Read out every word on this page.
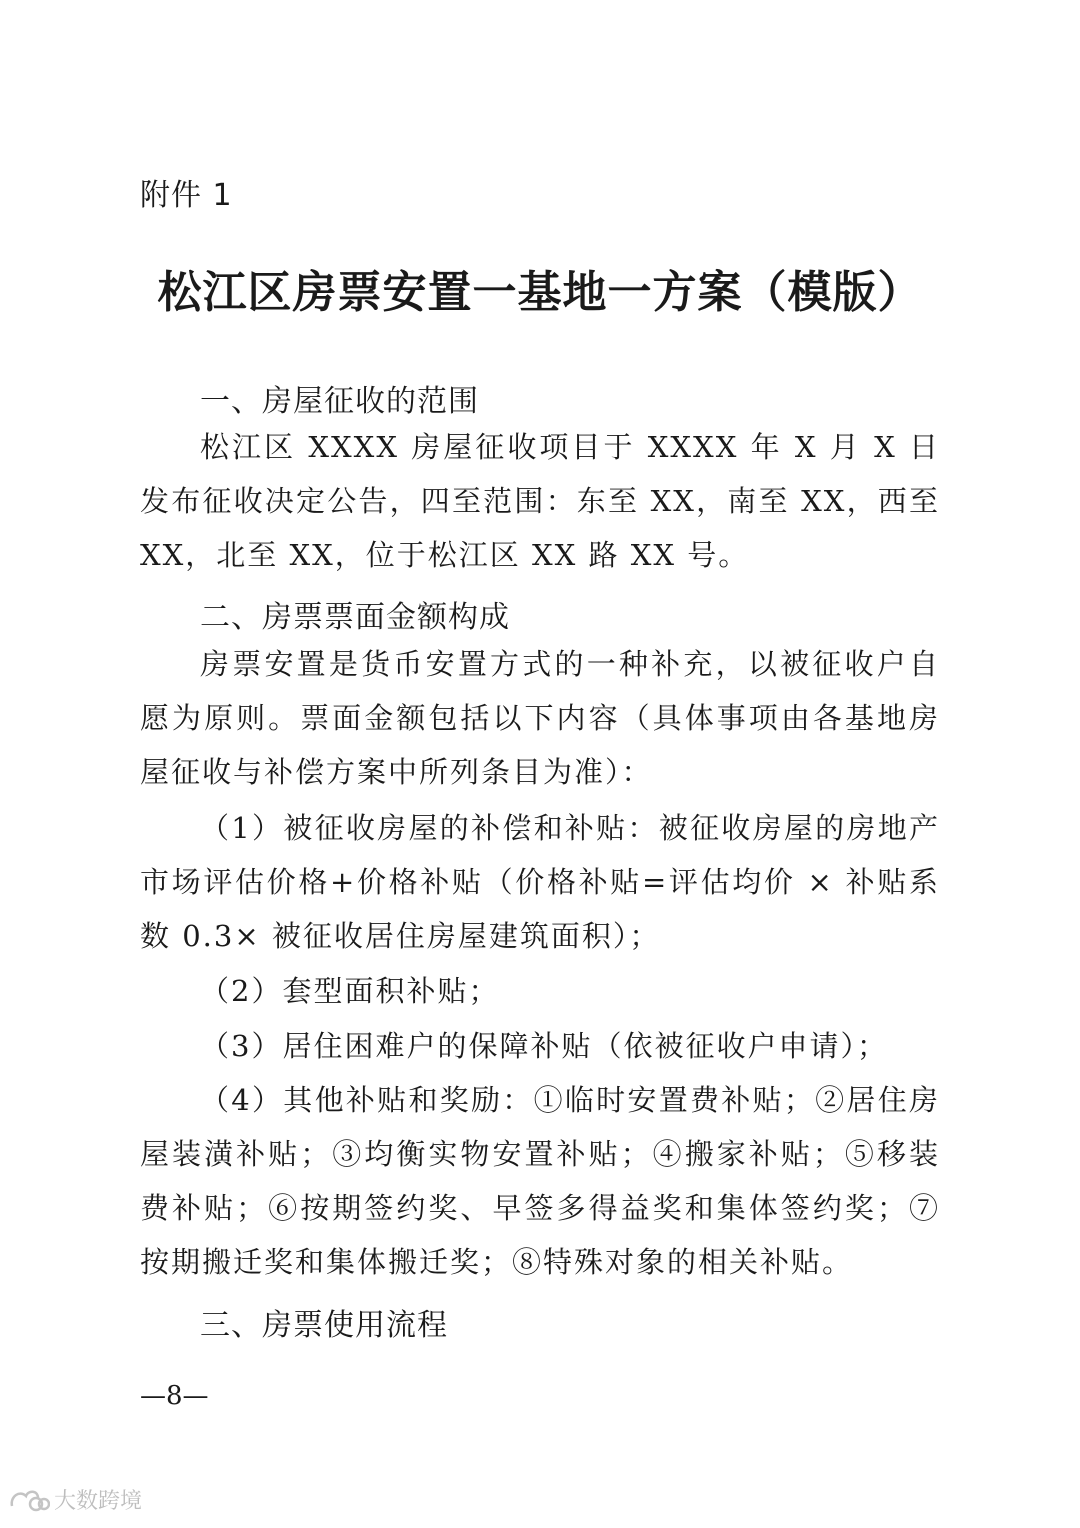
附件 1
松江区房票安置一基地一方案（模版）
一、房屋征收的范围

松江区 XXXX 房屋征收项目于 XXXX 年 X 月 X 日发布征收决定公告，四至范围：东至 XX，南至 XX，西至 XX，北至 XX，位于松江区 XX 路 XX 号。

二、房票票面金额构成

房票安置是货币安置方式的一种补充，以被征收户自愿为原则。票面金额包括以下内容（具体事项由各基地房屋征收与补偿方案中所列条目为准）：

（1）被征收房屋的补偿和补贴：被征收房屋的房地产市场评估价格+价格补贴（价格补贴=评估均价 × 补贴系数 0.3× 被征收居住房屋建筑面积）；

（2）套型面积补贴；

（3）居住困难户的保障补贴（依被征收户申请）；

（4）其他补贴和奖励：①临时安置费补贴；②居住房屋装潢补贴；③均衡实物安置补贴；④搬家补贴；⑤移装费补贴；⑥按期签约奖、早签多得益奖和集体签约奖；⑦按期搬迁奖和集体搬迁奖；⑧特殊对象的相关补贴。

三、房票使用流程
—8—
大数跨境
